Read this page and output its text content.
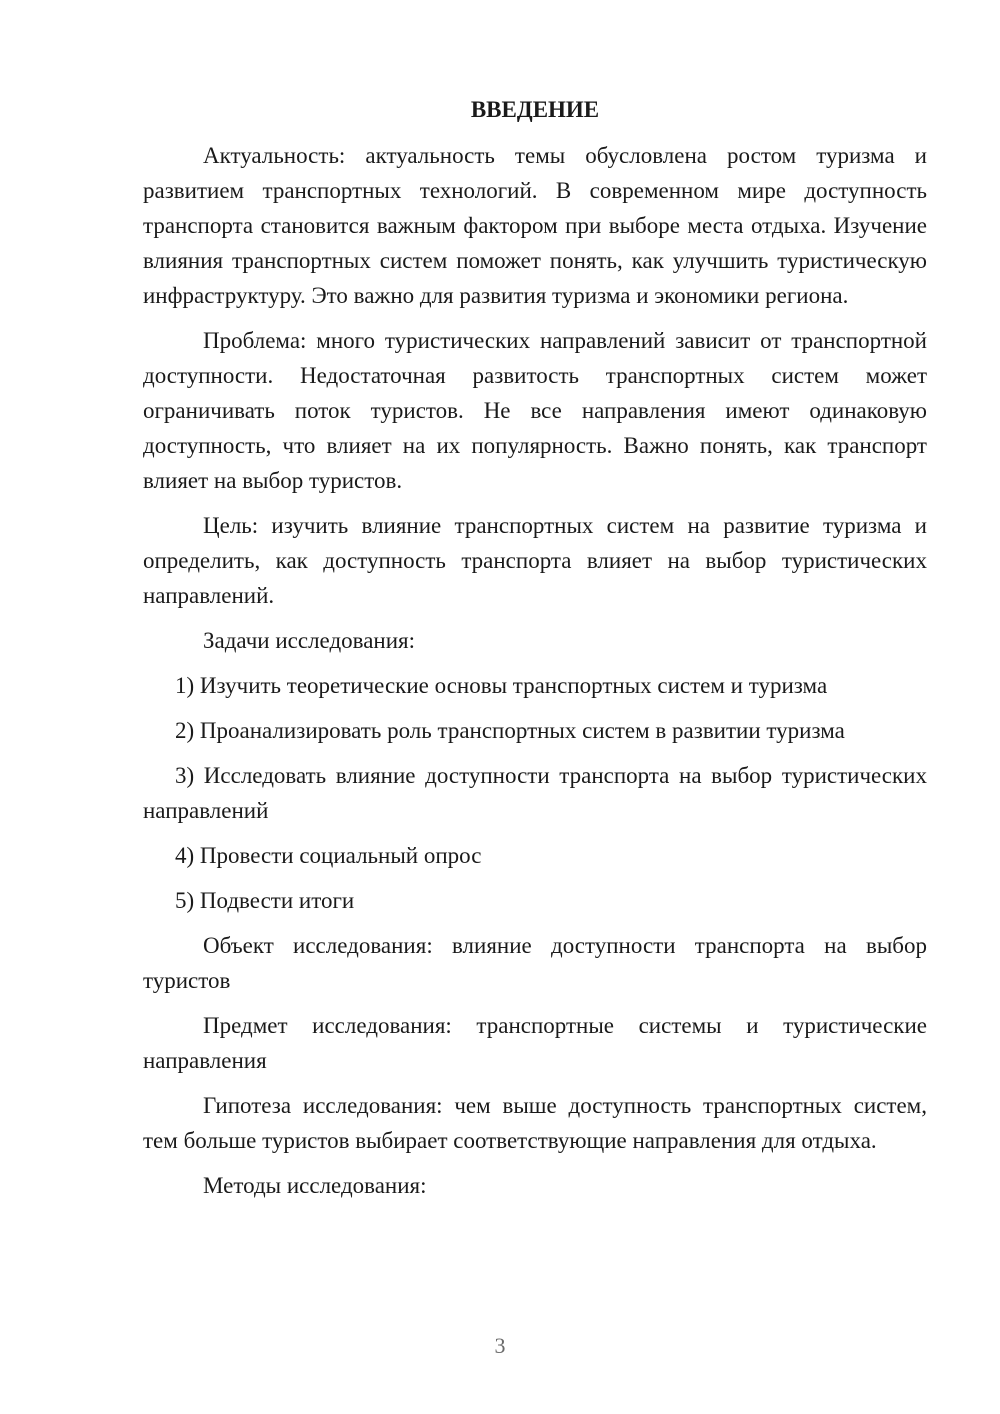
ВВЕДЕНИЕ

Актуальность: актуальность темы обусловлена ростом туризма и развитием транспортных технологий. В современном мире доступность транспорта становится важным фактором при выборе места отдыха. Изучение влияния транспортных систем поможет понять, как улучшить туристическую инфраструктуру. Это важно для развития туризма и экономики региона.

Проблема: много туристических направлений зависит от транспортной доступности. Недостаточная развитость транспортных систем может ограничивать поток туристов. Не все направления имеют одинаковую доступность, что влияет на их популярность. Важно понять, как транспорт влияет на выбор туристов.

Цель: изучить влияние транспортных систем на развитие туризма и определить, как доступность транспорта влияет на выбор туристических направлений.

Задачи исследования:

1) Изучить теоретические основы транспортных систем и туризма

2) Проанализировать роль транспортных систем в развитии туризма

3) Исследовать влияние доступности транспорта на выбор туристических направлений

4) Провести социальный опрос

5) Подвести итоги

Объект исследования: влияние доступности транспорта на выбор туристов

Предмет исследования: транспортные системы и туристические направления

Гипотеза исследования: чем выше доступность транспортных систем, тем больше туристов выбирает соответствующие направления для отдыха.

Методы исследования:

3
